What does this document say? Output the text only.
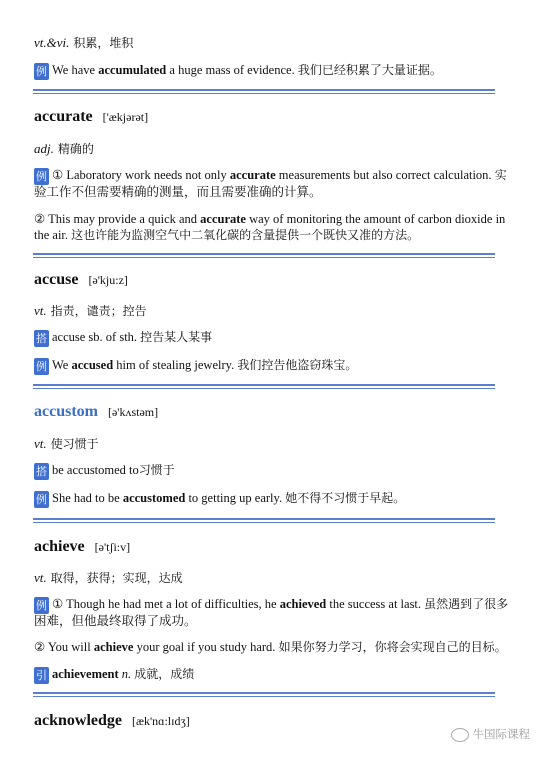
vt.&vi. 积累，堆积
例 We have accumulated a huge mass of evidence. 我们已经积累了大量证据。
accurate ['ækjərət]
adj. 精确的
例 ① Laboratory work needs not only accurate measurements but also correct calculation. 实
验工作不但需要精确的测量，而且需要准确的计算。
② This may provide a quick and accurate way of monitoring the amount of carbon dioxide in
the air. 这也许能为监测空气中二氧化碳的含量提供一个既快又准的方法。
accuse [ə'kju:z]
vt. 指责，谴责；控告
搭 accuse sb. of sth. 控告某人某事
例 We accused him of stealing jewelry. 我们控告他盗窃珠宝。
accustom [ə'kʌstəm]
vt. 使习惯于
搭 be accustomed to习惯于
例 She had to be accustomed to getting up early. 她不得不习惯于早起。
achieve [ə'tʃi:v]
vt. 取得，获得；实现，达成
例 ① Though he had met a lot of difficulties, he achieved the success at last. 虽然遇到了很多
困难，但他最终取得了成功。
② You will achieve your goal if you study hard. 如果你努力学习，你将会实现自己的目标。
引 achievement n. 成就，成绩
acknowledge [æk'nɑ:lɪdʒ]
牛国际课程
